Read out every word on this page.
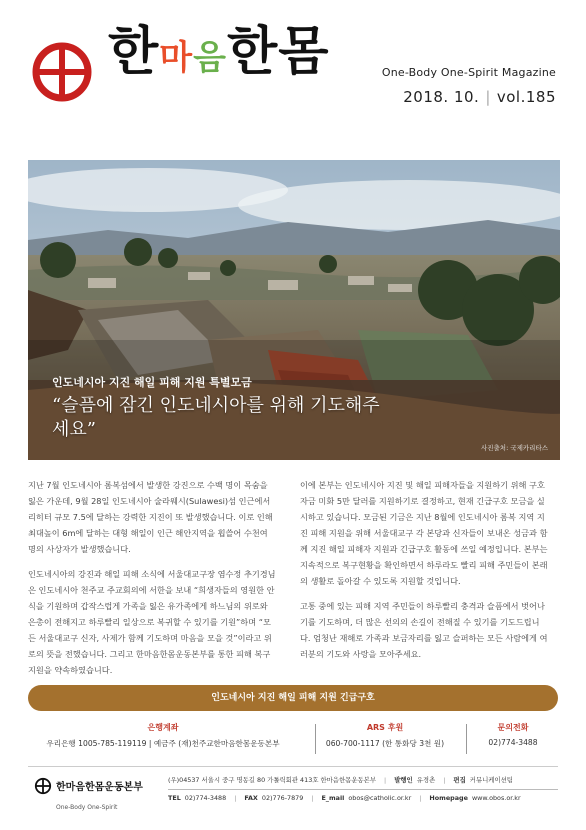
한마음한몸	One-Body One-Spirit Magazine
2018. 10. | vol.185
인도네시아 지진 해일 피해 지원 특별모금
“슬픔에 잠긴 인도네시아를 위해 기도해주세요”
사진출처: 국제카리타스

지난 7월 인도네시아 롬복섬에서 발생한 강진으로 수백 명이 목숨을 잃은 가운데, 9월 28일 인도네시아 술라웨시(Sulawesi)섬 인근에서 리히터 규모 7.5에 달하는 강력한 지진이 또 발생했습니다. 이로 인해 최대높이 6m에 달하는 대형 해일이 인근 해안지역을 휩쓸어 수천여 명의 사상자가 발생했습니다.

인도네시아의 강진과 해일 피해 소식에 서울대교구장 염수정 추기경님은 인도네시아 천주교 주교회의에 서한을 보내 “희생자들의 영원한 안식을 기원하며 갑작스럽게 가족을 잃은 유가족에게 하느님의 위로와 은총이 전해지고 하루빨리 일상으로 복귀할 수 있기를 기원”하며 “모든 서울대교구 신자, 사제가 함께 기도하며 마음을 모을 것”이라고 위로의 뜻을 전했습니다. 그리고 한마음한몸운동본부를 통한 피해 복구 지원을 약속하였습니다.

이에 본부는 인도네시아 지진 및 해일 피해자들을 지원하기 위해 구호자금 미화 5만 달러를 지원하기로 결정하고, 현재 긴급구호 모금을 실시하고 있습니다. 모금된 기금은 지난 8월에 인도네시아 롬복 지역 지진 피해 지원을 위해 서울대교구 각 본당과 신자들이 보내온 성금과 함께 지진 해일 피해자 지원과 긴급구호 활동에 쓰일 예정입니다. 본부는 지속적으로 복구현황을 확인하면서 하루라도 빨리 피해 주민들이 본래의 생활로 돌아갈 수 있도록 지원할 것입니다.

고통 중에 있는 피해 지역 주민들이 하루빨리 충격과 슬픔에서 벗어나기를 기도하며, 더 많은 선의의 손길이 전해질 수 있기를 기도드립니다. 엄청난 재해로 가족과 보금자리를 잃고 슬퍼하는 모든 사람에게 여러분의 기도와 사랑을 모아주세요.

인도네시아 지진 해일 피해 지원 긴급구호
은행계좌
우리은행 1005-785-119119 | 예금주 (재)천주교한마음한몸운동본부
ARS 후원
060-700-1117 (한 통화당 3천 원)
문의전화
02)774-3488
한마음한몸운동본부
One-Body One-Spirit
(우)04537 서울시 중구 명동길 80 가톨릭회관 413호 한마음한몸운동본부 | 발행인 유경촌 | 편집 커뮤니케이션팀
TEL 02)774-3488 | FAX 02)776-7879 | E_mail obos@catholic.or.kr | Homepage www.obos.or.kr
